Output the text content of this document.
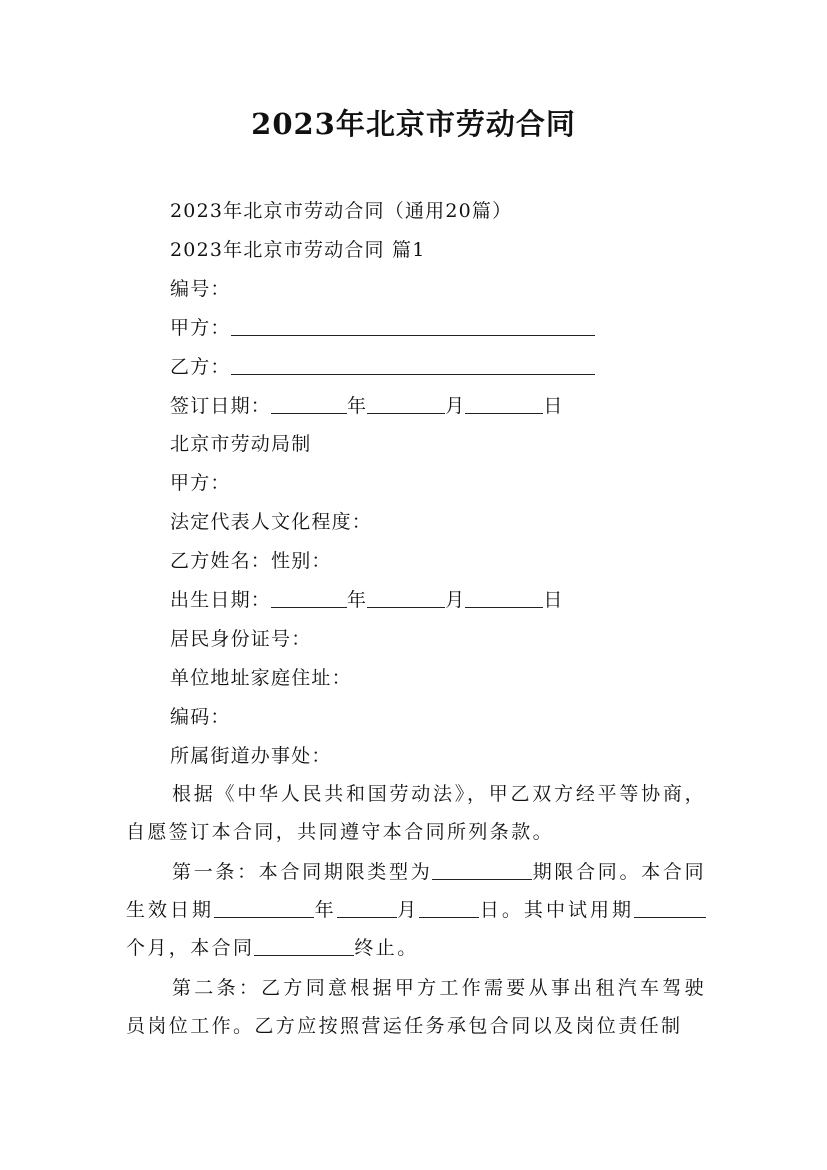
2023年北京市劳动合同
2023年北京市劳动合同（通用20篇）
2023年北京市劳动合同 篇1
编号：
甲方：
乙方：
签订日期：	年	月	日
北京市劳动局制
甲方：
法定代表人文化程度：
乙方姓名：性别：
出生日期：	年	月	日
居民身份证号：
单位地址家庭住址：
编码：
所属街道办事处：

根据《中华人民共和国劳动法》，甲乙双方经平等协商，自愿签订本合同，共同遵守本合同所列条款。

第一条：本合同期限类型为	期限合同。本合同生效日期	年	月	日。其中试用期个月，本合同	终止。

第二条：乙方同意根据甲方工作需要从事出租汽车驾驶员岗位工作。乙方应按照营运任务承包合同以及岗位责任制
